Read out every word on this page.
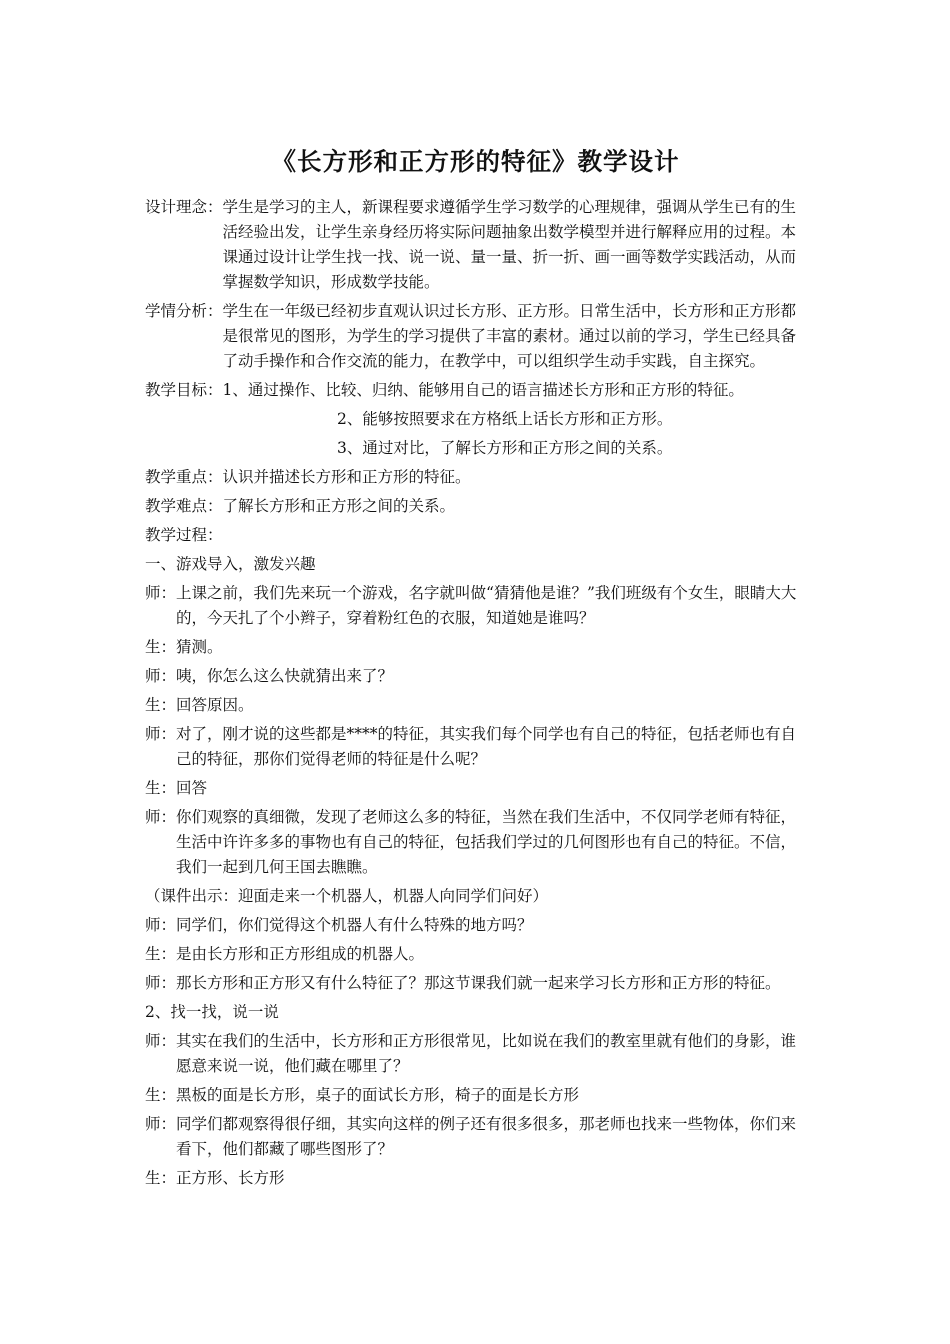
《长方形和正方形的特征》教学设计
设计理念： 学生是学习的主人，新课程要求遵循学生学习数学的心理规律，强调从学生已有的生活经验出发，让学生亲身经历将实际问题抽象出数学模型并进行解释应用的过程。本课通过设计让学生找一找、说一说、量一量、折一折、画一画等数学实践活动，从而掌握数学知识，形成数学技能。
学情分析： 学生在一年级已经初步直观认识过长方形、正方形。日常生活中，长方形和正方形都是很常见的图形，为学生的学习提供了丰富的素材。通过以前的学习，学生已经具备了动手操作和合作交流的能力，在教学中，可以组织学生动手实践，自主探究。
教学目标： 1、通过操作、比较、归纳、能够用自己的语言描述长方形和正方形的特征。
2、能够按照要求在方格纸上话长方形和正方形。
3、通过对比，了解长方形和正方形之间的关系。
教学重点： 认识并描述长方形和正方形的特征。
教学难点： 了解长方形和正方形之间的关系。
教学过程：
一、游戏导入，激发兴趣
师： 上课之前，我们先来玩一个游戏，名字就叫做“猜猜他是谁？”我们班级有个女生，眼睛大大的，今天扎了个小辫子，穿着粉红色的衣服，知道她是谁吗？
生： 猜测。
师： 咦，你怎么这么快就猜出来了？
生： 回答原因。
师： 对了，刚才说的这些都是****的特征，其实我们每个同学也有自己的特征，包括老师也有自己的特征，那你们觉得老师的特征是什么呢？
生： 回答
师： 你们观察的真细微，发现了老师这么多的特征，当然在我们生活中，不仅同学老师有特征，生活中许许多多的事物也有自己的特征，包括我们学过的几何图形也有自己的特征。不信，我们一起到几何王国去瞧瞧。
（课件出示：迎面走来一个机器人，机器人向同学们问好）
师： 同学们，你们觉得这个机器人有什么特殊的地方吗？
生： 是由长方形和正方形组成的机器人。
师： 那长方形和正方形又有什么特征了？那这节课我们就一起来学习长方形和正方形的特征。
2、找一找，说一说
师： 其实在我们的生活中，长方形和正方形很常见，比如说在我们的教室里就有他们的身影，谁愿意来说一说，他们藏在哪里了？
生： 黑板的面是长方形，桌子的面试长方形，椅子的面是长方形
师： 同学们都观察得很仔细，其实向这样的例子还有很多很多，那老师也找来一些物体，你们来看下，他们都藏了哪些图形了？
生： 正方形、长方形
